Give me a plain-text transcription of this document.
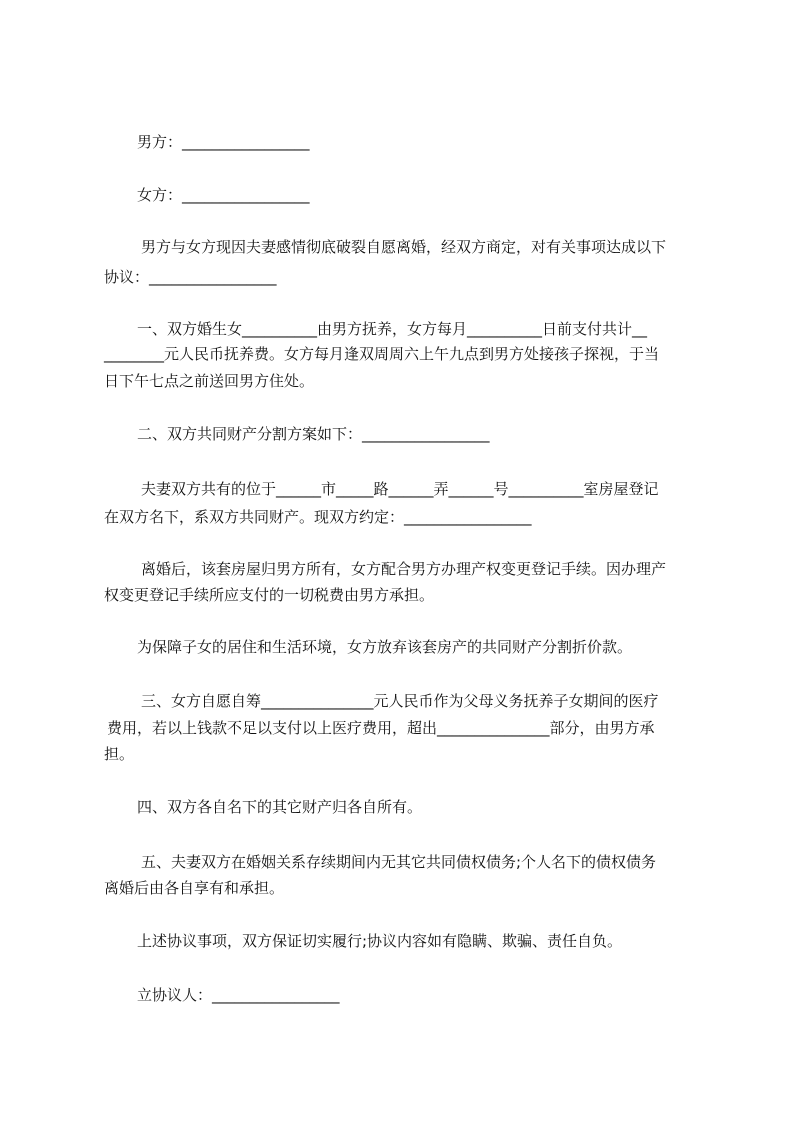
男方：_________________
女方：_________________
男方与女方现因夫妻感情彻底破裂自愿离婚，经双方商定，对有关事项达成以下
协议：_________________
一、双方婚生女__________由男方抚养，女方每月__________日前支付共计__
________元人民币抚养费。女方每月逢双周周六上午九点到男方处接孩子探视，于当
日下午七点之前送回男方住处。
二、双方共同财产分割方案如下：_________________
夫妻双方共有的位于______市_____路______弄______号__________室房屋登记
在双方名下，系双方共同财产。现双方约定：_________________
离婚后，该套房屋归男方所有，女方配合男方办理产权变更登记手续。因办理产
权变更登记手续所应支付的一切税费由男方承担。
为保障子女的居住和生活环境，女方放弃该套房产的共同财产分割折价款。
三、女方自愿自筹_______________元人民币作为父母义务抚养子女期间的医疗
费用，若以上钱款不足以支付以上医疗费用，超出_______________部分，由男方承
担。
四、双方各自名下的其它财产归各自所有。
五、夫妻双方在婚姻关系存续期间内无其它共同债权债务;个人名下的债权债务
离婚后由各自享有和承担。
上述协议事项，双方保证切实履行;协议内容如有隐瞒、欺骗、责任自负。
立协议人：_________________
